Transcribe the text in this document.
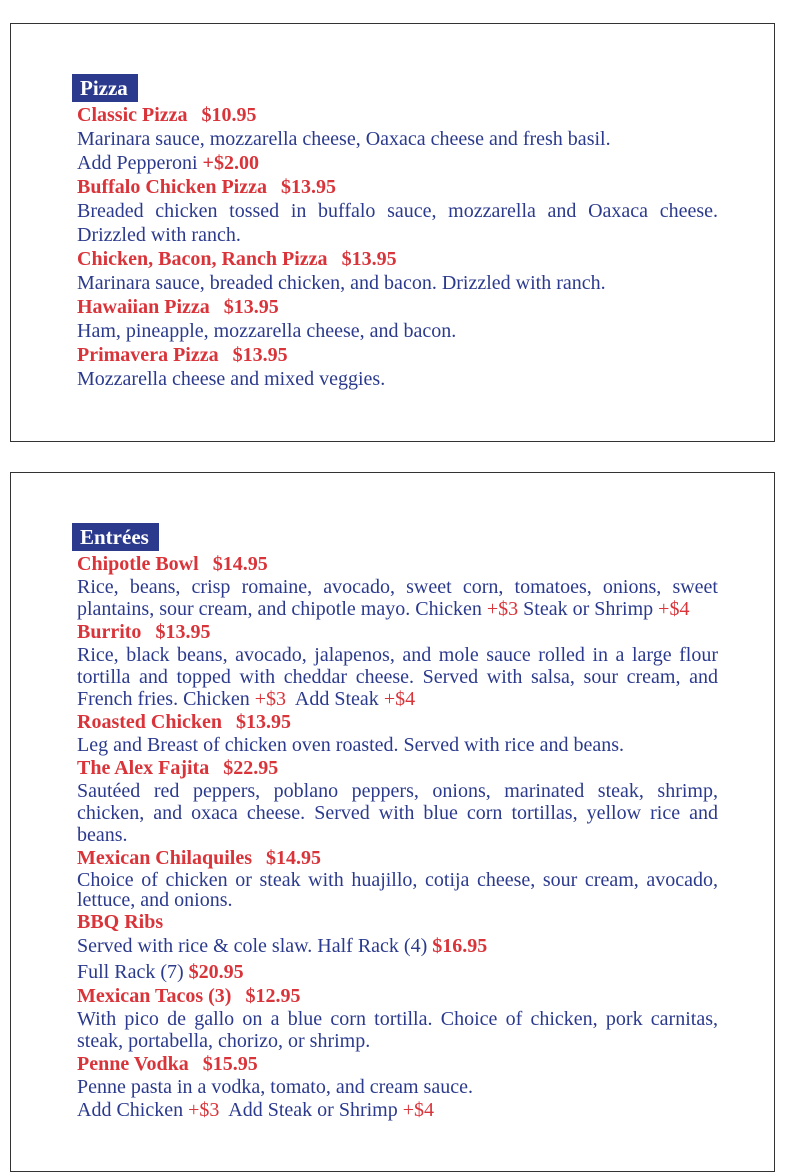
Pizza
Classic Pizza $10.95
Marinara sauce, mozzarella cheese, Oaxaca cheese and fresh basil.
Add Pepperoni +$2.00
Buffalo Chicken Pizza $13.95
Breaded chicken tossed in buffalo sauce, mozzarella and Oaxaca cheese. Drizzled with ranch.
Chicken, Bacon, Ranch Pizza $13.95
Marinara sauce, breaded chicken, and bacon. Drizzled with ranch.
Hawaiian Pizza $13.95
Ham, pineapple, mozzarella cheese, and bacon.
Primavera Pizza $13.95
Mozzarella cheese and mixed veggies.
Entrées
Chipotle Bowl $14.95
Rice, beans, crisp romaine, avocado, sweet corn, tomatoes, onions, sweet plantains, sour cream, and chipotle mayo. Chicken +$3 Steak or Shrimp +$4
Burrito $13.95
Rice, black beans, avocado, jalapenos, and mole sauce rolled in a large flour tortilla and topped with cheddar cheese. Served with salsa, sour cream, and French fries. Chicken +$3 Add Steak +$4
Roasted Chicken $13.95
Leg and Breast of chicken oven roasted. Served with rice and beans.
The Alex Fajita $22.95
Sautéed red peppers, poblano peppers, onions, marinated steak, shrimp, chicken, and oxaca cheese. Served with blue corn tortillas, yellow rice and beans.
Mexican Chilaquiles $14.95
Choice of chicken or steak with huajillo, cotija cheese, sour cream, avocado, lettuce, and onions.
BBQ Ribs
Served with rice & cole slaw. Half Rack (4) $16.95
Full Rack (7) $20.95
Mexican Tacos (3) $12.95
With pico de gallo on a blue corn tortilla. Choice of chicken, pork carnitas, steak, portabella, chorizo, or shrimp.
Penne Vodka $15.95
Penne pasta in a vodka, tomato, and cream sauce.
Add Chicken +$3 Add Steak or Shrimp +$4
